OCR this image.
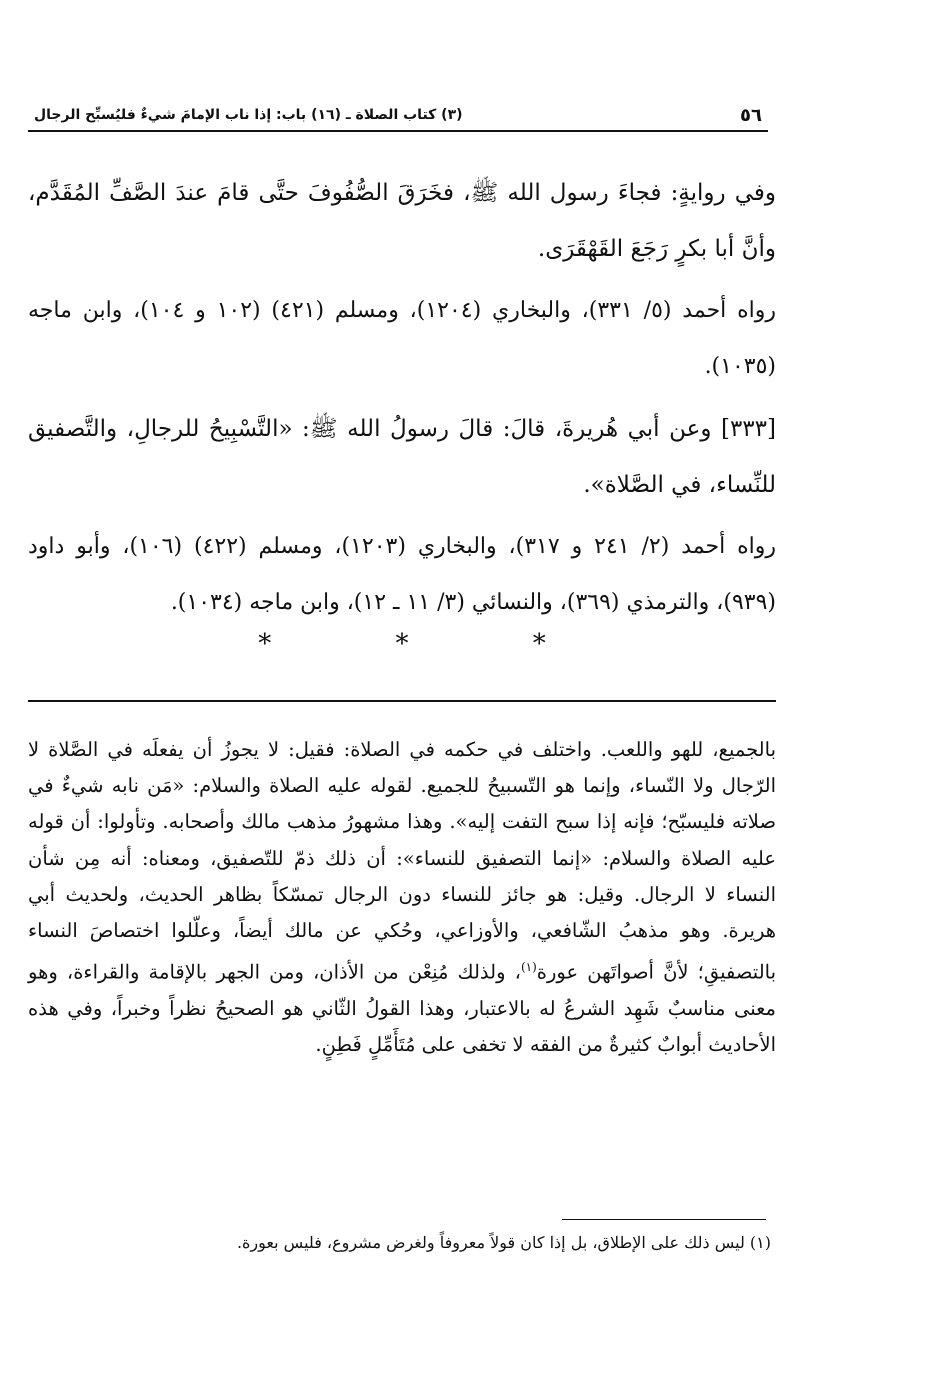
٥٦
(٣) كتاب الصلاة ـ (١٦) باب: إذا ناب الإمامَ شيءٌ فليُسبِّح الرجال

وفي روايةٍ: فجاءَ رسول الله ﷺ، فخَرَقَ الصُّفُوفَ حتَّى قامَ عندَ الصَّفِّ المُقَدَّم، وأنَّ أبا بكرٍ رَجَعَ القَهْقَرَى.

رواه أحمد (٥/ ٣٣١)، والبخاري (١٢٠٤)، ومسلم (٤٢١) (١٠٢ و ١٠٤)، وابن ماجه (١٠٣٥).

[٣٣٣] وعن أبي هُريرةَ، قالَ: قالَ رسولُ الله ﷺ: «التَّسْبِيحُ للرجالِ، والتَّصفيق للنِّساء، في الصَّلاة».

رواه أحمد (٢/ ٢٤١ و ٣١٧)، والبخاري (١٢٠٣)، ومسلم (٤٢٢) (١٠٦)، وأبو داود (٩٣٩)، والترمذي (٣٦٩)، والنسائي (٣/ ١١ ـ ١٢)، وابن ماجه (١٠٣٤).

* * *

بالجميع، للهو واللعب. واختلف في حكمه في الصلاة: فقيل: لا يجوزُ أن يفعلَه في الصَّلاة لا الرّجال ولا النّساء، وإنما هو التّسبيحُ للجميع. لقوله عليه الصلاة والسلام: «مَن نابه شيءٌ في صلاته فليسبّح؛ فإنه إذا سبح التفت إليه». وهذا مشهورُ مذهب مالك وأصحابه. وتأولوا: أن قوله عليه الصلاة والسلام: «إنما التصفيق للنساء»: أن ذلك ذمّ للتّصفيق، ومعناه: أنه مِن شأن النساء لا الرجال. وقيل: هو جائز للنساء دون الرجال تمسّكاً بظاهر الحديث، ولحديث أبي هريرة. وهو مذهبُ الشّافعي، والأوزاعي، وحُكي عن مالك أيضاً، وعلّلوا اختصاصَ النساء بالتصفيقِ؛ لأنَّ أصواتَهن عورة$^{(١)}$، ولذلك مُنِعْن من الأذان، ومن الجهر بالإقامة والقراءة، وهو معنى مناسبٌ شَهِد الشرعُ له بالاعتبار، وهذا القولُ الثّاني هو الصحيحُ نظراً وخبراً، وفي هذه الأحاديث أبوابٌ كثيرةٌ من الفقه لا تخفى على مُتَأَمِّلٍ فَطِنٍ.

(١) ليس ذلك على الإطلاق، بل إذا كان قولاً معروفاً ولغرض مشروع، فليس بعورة.
